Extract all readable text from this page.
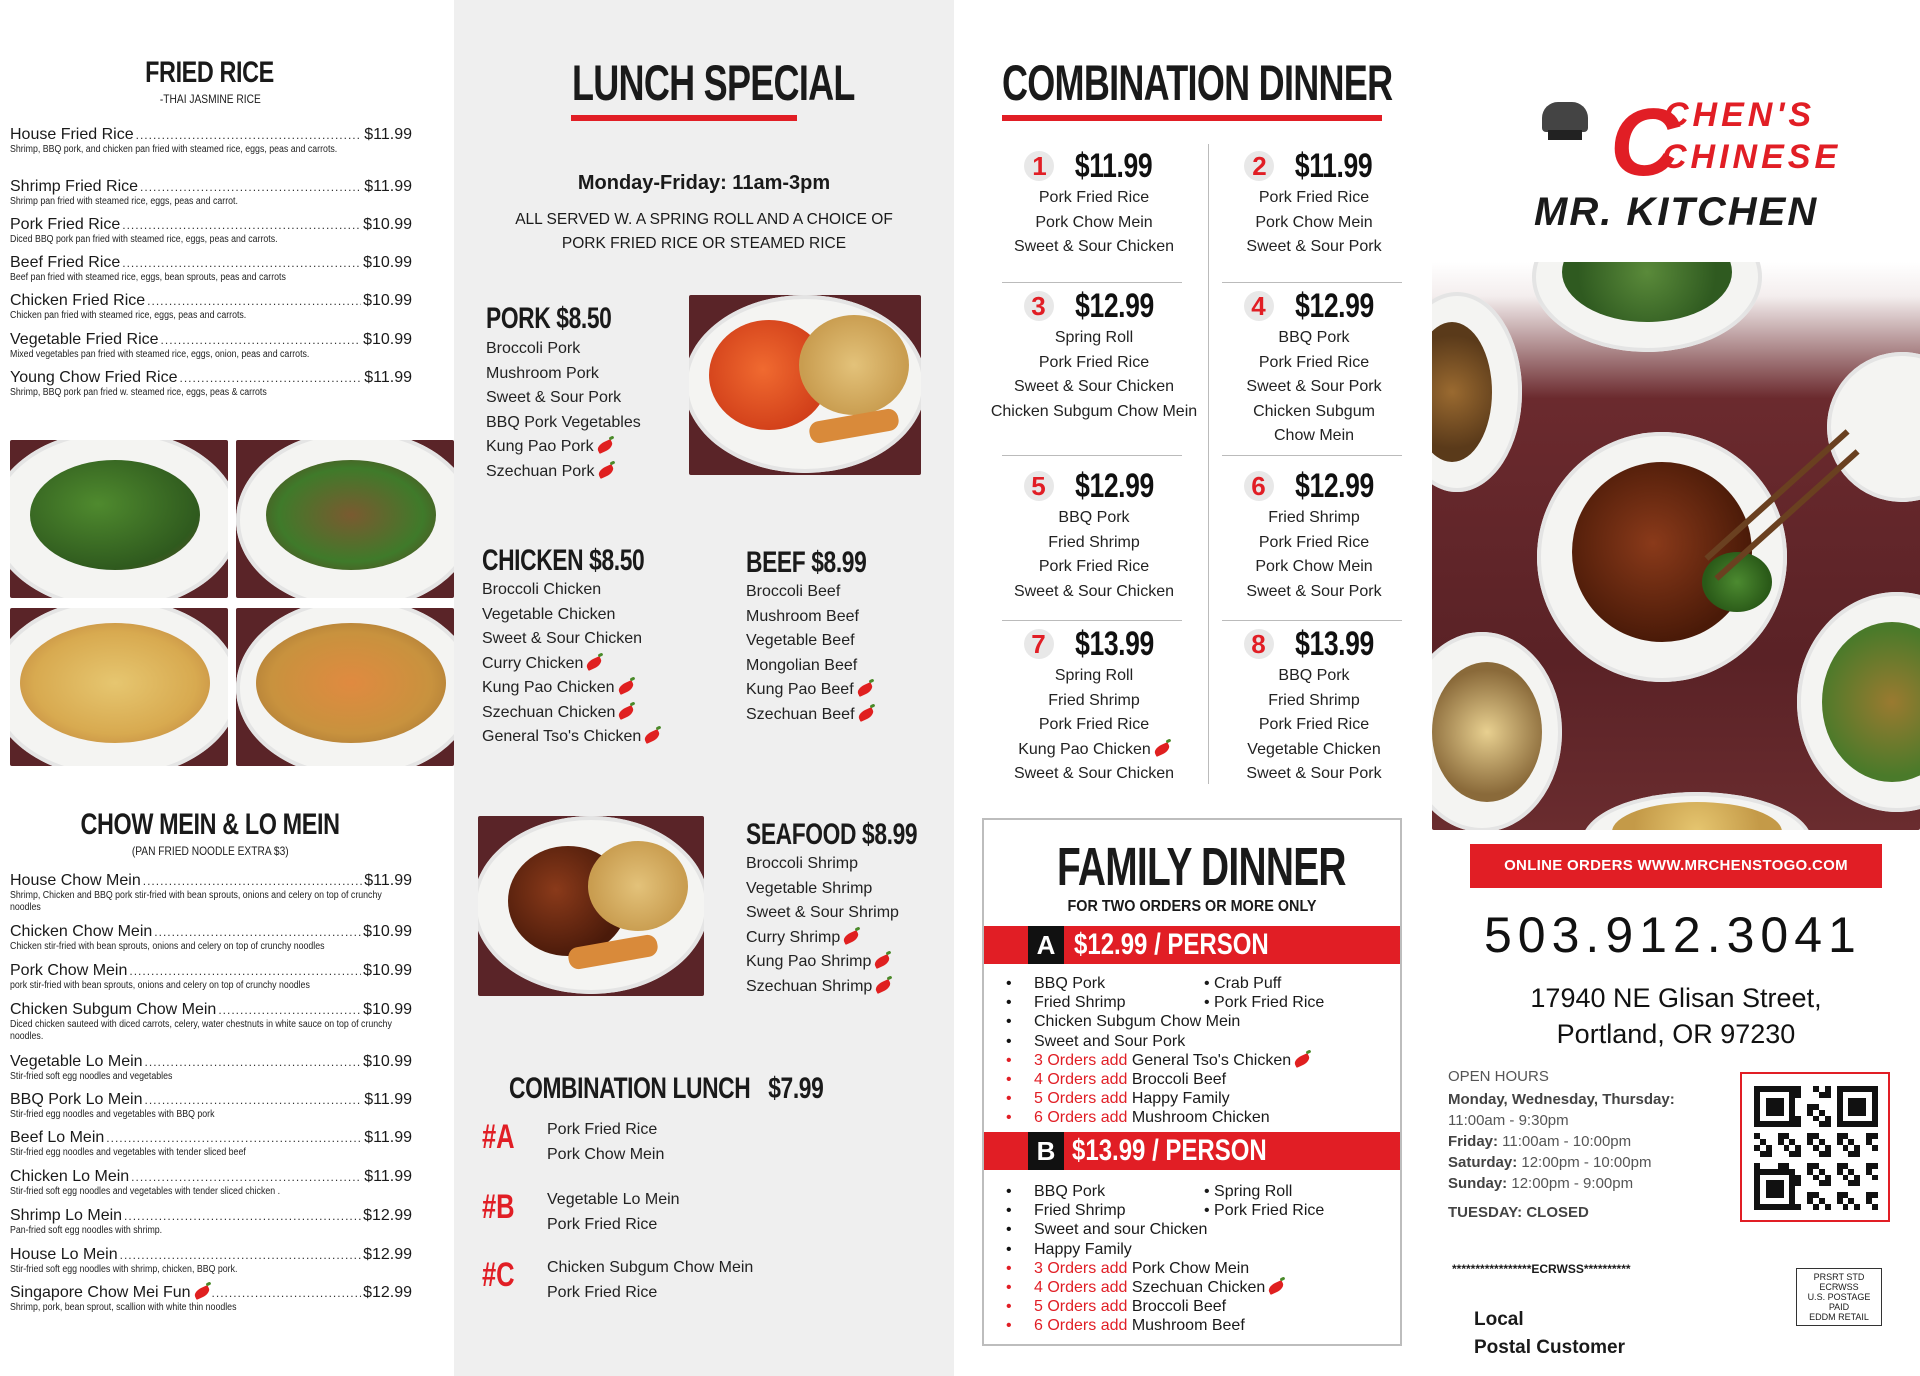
FRIED RICE
-THAI JASMINE RICE
House Fried Rice .....	$11.99
Shrimp, BBQ pork, and chicken pan fried with steamed rice, eggs, peas and carrots.
Shrimp Fried Rice .....	$11.99
Shrimp pan fried with steamed rice, eggs, peas and carrot.
Pork Fried Rice .....	$10.99
Diced BBQ pork pan fried with steamed rice, eggs, peas and carrots.
Beef Fried Rice .....	$10.99
Beef pan fried with steamed rice, eggs, bean sprouts, peas and carrots
Chicken Fried Rice .....	$10.99
Chicken pan fried with steamed rice, eggs, peas and carrots.
Vegetable Fried Rice .....	$10.99
Mixed vegetables pan fried with steamed rice, eggs, onion, peas and carrots.
Young Chow Fried Rice .....	$11.99
Shrimp, BBQ pork pan fried w. steamed rice, eggs, peas & carrots
CHOW MEIN & LO MEIN
(PAN FRIED NOODLE EXTRA $3)
House Chow Mein .....	$11.99
Shrimp, Chicken and BBQ pork stir-fried with bean sprouts, onions and celery on top of crunchy noodles
Chicken Chow Mein .....	$10.99
Chicken stir-fried with bean sprouts, onions and celery on top of crunchy noodles
Pork Chow Mein .....	$10.99
pork stir-fried with bean sprouts, onions and celery on top of crunchy noodles
Chicken Subgum Chow Mein .....	$10.99
Diced chicken sauteed with diced carrots, celery, water chestnuts in white sauce on top of crunchy noodles.
Vegetable Lo Mein .....	$10.99
Stir-fried soft egg noodles and vegetables
BBQ Pork Lo Mein .....	$11.99
Stir-fried egg noodles and vegetables with BBQ pork
Beef Lo Mein .....	$11.99
Stir-fried egg noodles and vegetables with tender sliced beef
Chicken Lo Mein .....	$11.99
Stir-fried soft egg noodles and vegetables with tender sliced chicken .
Shrimp Lo Mein .....	$12.99
Pan-fried soft egg noodles with shrimp.
House Lo Mein .....	$12.99
Stir-fried soft egg noodles with shrimp, chicken, BBQ pork.
Singapore Chow Mei Fun .....	$12.99
Shrimp, pork, bean sprout, scallion with white thin noodles
LUNCH SPECIAL
Monday-Friday: 11am-3pm
ALL SERVED W. A SPRING ROLL AND A CHOICE OF
PORK FRIED RICE OR STEAMED RICE
PORK $8.50
Broccoli Pork
Mushroom Pork
Sweet & Sour Pork
BBQ Pork Vegetables
Kung Pao Pork
Szechuan Pork
CHICKEN $8.50
Broccoli Chicken
Vegetable Chicken
Sweet & Sour Chicken
Curry Chicken
Kung Pao Chicken
Szechuan Chicken
General Tso's Chicken
BEEF $8.99
Broccoli Beef
Mushroom Beef
Vegetable Beef
Mongolian Beef
Kung Pao Beef
Szechuan Beef
SEAFOOD $8.99
Broccoli Shrimp
Vegetable Shrimp
Sweet & Sour Shrimp
Curry Shrimp
Kung Pao Shrimp
Szechuan Shrimp
COMBINATION LUNCH $7.99
#A Pork Fried Rice
Pork Chow Mein
#B Vegetable Lo Mein
Pork Fried Rice
#C Chicken Subgum Chow Mein
Pork Fried Rice
COMBINATION DINNER
1 $11.99
Pork Fried Rice
Pork Chow Mein
Sweet & Sour Chicken
2 $11.99
Pork Fried Rice
Pork Chow Mein
Sweet & Sour Pork
3 $12.99
Spring Roll
Pork Fried Rice
Sweet & Sour Chicken
Chicken Subgum Chow Mein
4 $12.99
BBQ Pork
Pork Fried Rice
Sweet & Sour Pork
Chicken Subgum
Chow Mein
5 $12.99
BBQ Pork
Fried Shrimp
Pork Fried Rice
Sweet & Sour Chicken
6 $12.99
Fried Shrimp
Pork Fried Rice
Pork Chow Mein
Sweet & Sour Pork
7 $13.99
Spring Roll
Fried Shrimp
Pork Fried Rice
Kung Pao Chicken
Sweet & Sour Chicken
8 $13.99
BBQ Pork
Fried Shrimp
Pork Fried Rice
Vegetable Chicken
Sweet & Sour Pork
FAMILY DINNER
FOR TWO ORDERS OR MORE ONLY
A $12.99 / PERSON
• BBQ Pork	• Crab Puff
• Fried Shrimp	• Pork Fried Rice
• Chicken Subgum Chow Mein
• Sweet and Sour Pork
• 3 Orders add General Tso's Chicken
• 4 Orders add Broccoli Beef
• 5 Orders add Happy Family
• 6 Orders add Mushroom Chicken
B $13.99 / PERSON
• BBQ Pork	• Spring Roll
• Fried Shrimp	• Pork Fried Rice
• Sweet and sour Chicken
• Happy Family
• 3 Orders add Pork Chow Mein
• 4 Orders add Szechuan Chicken
• 5 Orders add Broccoli Beef
• 6 Orders add Mushroom Beef
C
CHEN'S
CHINESE
MR. KITCHEN
ONLINE ORDERS WWW.MRCHENSTOGO.COM
503.912.3041
17940 NE Glisan Street,
Portland, OR 97230
OPEN HOURS
Monday, Wednesday, Thursday:
11:00am - 9:30pm
Friday: 11:00am - 10:00pm
Saturday: 12:00pm - 10:00pm
Sunday: 12:00pm - 9:00pm
TUESDAY: CLOSED
*****************ECRWSS**********
Local
Postal Customer
PRSRT STD
ECRWSS
U.S. POSTAGE
PAID
EDDM RETAIL
